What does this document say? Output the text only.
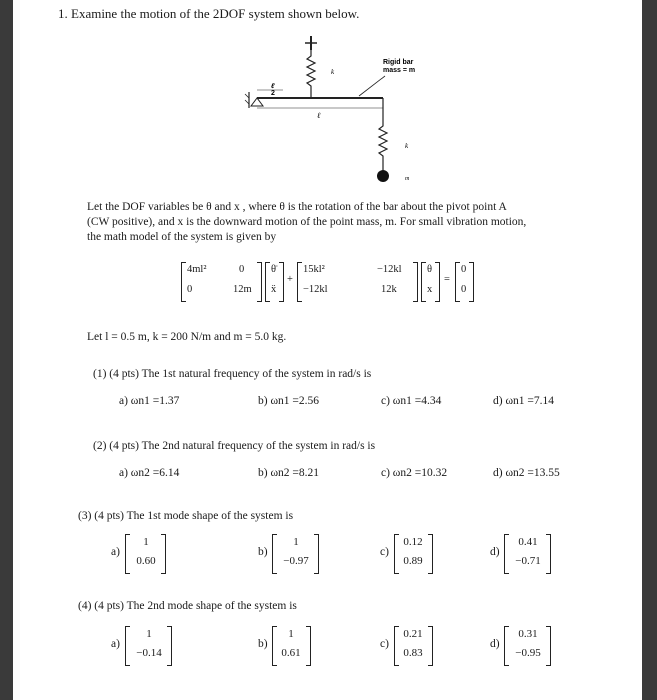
1. Examine the motion of the 2DOF system shown below.
ℓ
2
ℓ
k
k
Rigid bar
mass = m
m
Let the DOF variables be θ and x , where θ is the rotation of the bar about the pivot point A
(CW positive), and x is the downward motion of the point mass, m. For small vibration motion,
the math model of the system is given by
4ml²	0
0	12m
θ̈
ẍ
+
15kl²	−12kl
−12kl	12k
θ
x
=
0
0
Let l = 0.5 m, k = 200 N/m and m = 5.0 kg.
(1) (4 pts) The 1st natural frequency of the system in rad/s is
a) ωn1 =1.37	b) ωn1 =2.56	c) ωn1 =4.34	d) ωn1 =7.14
(2) (4 pts) The 2nd natural frequency of the system in rad/s is
a) ωn2 =6.14	b) ωn2 =8.21	c) ωn2 =10.32	d) ωn2 =13.55
(3) (4 pts) The 1st mode shape of the system is
a)
1
0.60
b)
1
−0.97
c)
0.12
0.89
d)
0.41
−0.71
(4) (4 pts) The 2nd mode shape of the system is
a)
1
−0.14
b)
1
0.61
c)
0.21
0.83
d)
0.31
−0.95
